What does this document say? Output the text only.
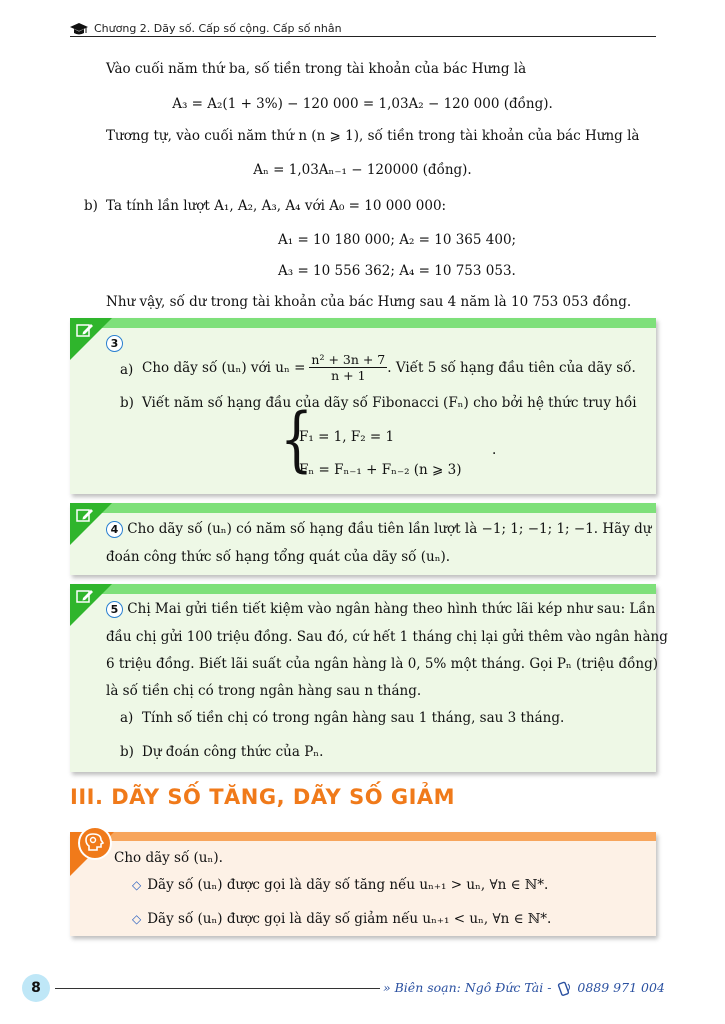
Chương 2. Dãy số. Cấp số cộng. Cấp số nhân
Vào cuối năm thứ ba, số tiền trong tài khoản của bác Hưng là
A₃ = A₂(1 + 3%) − 120 000 = 1,03A₂ − 120 000 (đồng).
Tương tự, vào cuối năm thứ n (n ⩾ 1), số tiền trong tài khoản của bác Hưng là
Aₙ = 1,03Aₙ₋₁ − 120000 (đồng).
b) Ta tính lần lượt A₁, A₂, A₃, A₄ với A₀ = 10 000 000:
A₁ = 10 180 000; A₂ = 10 365 400;
A₃ = 10 556 362; A₄ = 10 753 053.
Như vậy, số dư trong tài khoản của bác Hưng sau 4 năm là 10 753 053 đồng.
3
a) Cho dãy số (uₙ) với $u_n = \frac{\text{n² + 3n + 7}}{n + 1}$ . Viết 5 số hạng đầu tiên của dãy số.
b) Viết năm số hạng đầu của dãy số Fibonacci (Fₙ) cho bởi hệ thức truy hồi
{
F₁ = 1, F₂ = 1
Fₙ = Fₙ₋₁ + Fₙ₋₂ (n ⩾ 3)
.
4 Cho dãy số (uₙ) có năm số hạng đầu tiên lần lượt là −1; 1; −1; 1; −1. Hãy dự
đoán công thức số hạng tổng quát của dãy số (uₙ).
5 Chị Mai gửi tiền tiết kiệm vào ngân hàng theo hình thức lãi kép như sau: Lần
đầu chị gửi 100 triệu đồng. Sau đó, cứ hết 1 tháng chị lại gửi thêm vào ngân hàng
6 triệu đồng. Biết lãi suất của ngân hàng là 0, 5% một tháng. Gọi Pₙ (triệu đồng)
là số tiền chị có trong ngân hàng sau n tháng.
a) Tính số tiền chị có trong ngân hàng sau 1 tháng, sau 3 tháng.
b) Dự đoán công thức của Pₙ.
III. DÃY SỐ TĂNG, DÃY SỐ GIẢM
Cho dãy số (uₙ).
◇ Dãy số (uₙ) được gọi là dãy số tăng nếu uₙ₊₁ > uₙ, ∀n ∈ ℕ*.
◇ Dãy số (uₙ) được gọi là dãy số giảm nếu uₙ₊₁ < uₙ, ∀n ∈ ℕ*.
8	» Biên soạn: Ngô Đức Tài - 0889 971 004
